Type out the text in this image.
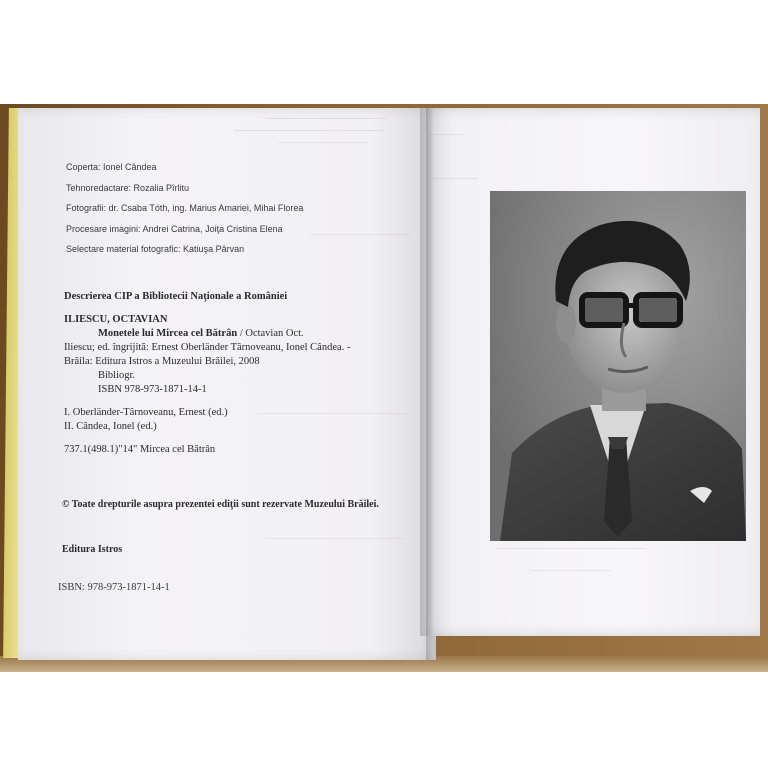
Coperta: Ionel Cândea
Tehnoredactare: Rozalia Pîrlitu
Fotografii: dr. Csaba Tóth, ing. Marius Amariei, Mihai Florea
Procesare imagini: Andrei Catrina, Joiţa Cristina Elena
Selectare material fotografic: Katiuşa Pârvan
Descrierea CIP a Bibliotecii Naţionale a României
ILIESCU, OCTAVIAN
Monetele lui Mircea cel Bătrân / Octavian Oct.
Iliescu; ed. îngrijită: Ernest Oberländer Târnoveanu, Ionel Cândea. -
Brăila: Editura Istros a Muzeului Brăilei, 2008
Bibliogr.
ISBN 978-973-1871-14-1
I. Oberländer-Târnoveanu, Ernest (ed.)
II. Cândea, Ionel (ed.)
737.1(498.1)"14" Mircea cel Bătrân
© Toate drepturile asupra prezentei ediţii sunt rezervate Muzeului Brăilei.
Editura Istros
ISBN: 978-973-1871-14-1
